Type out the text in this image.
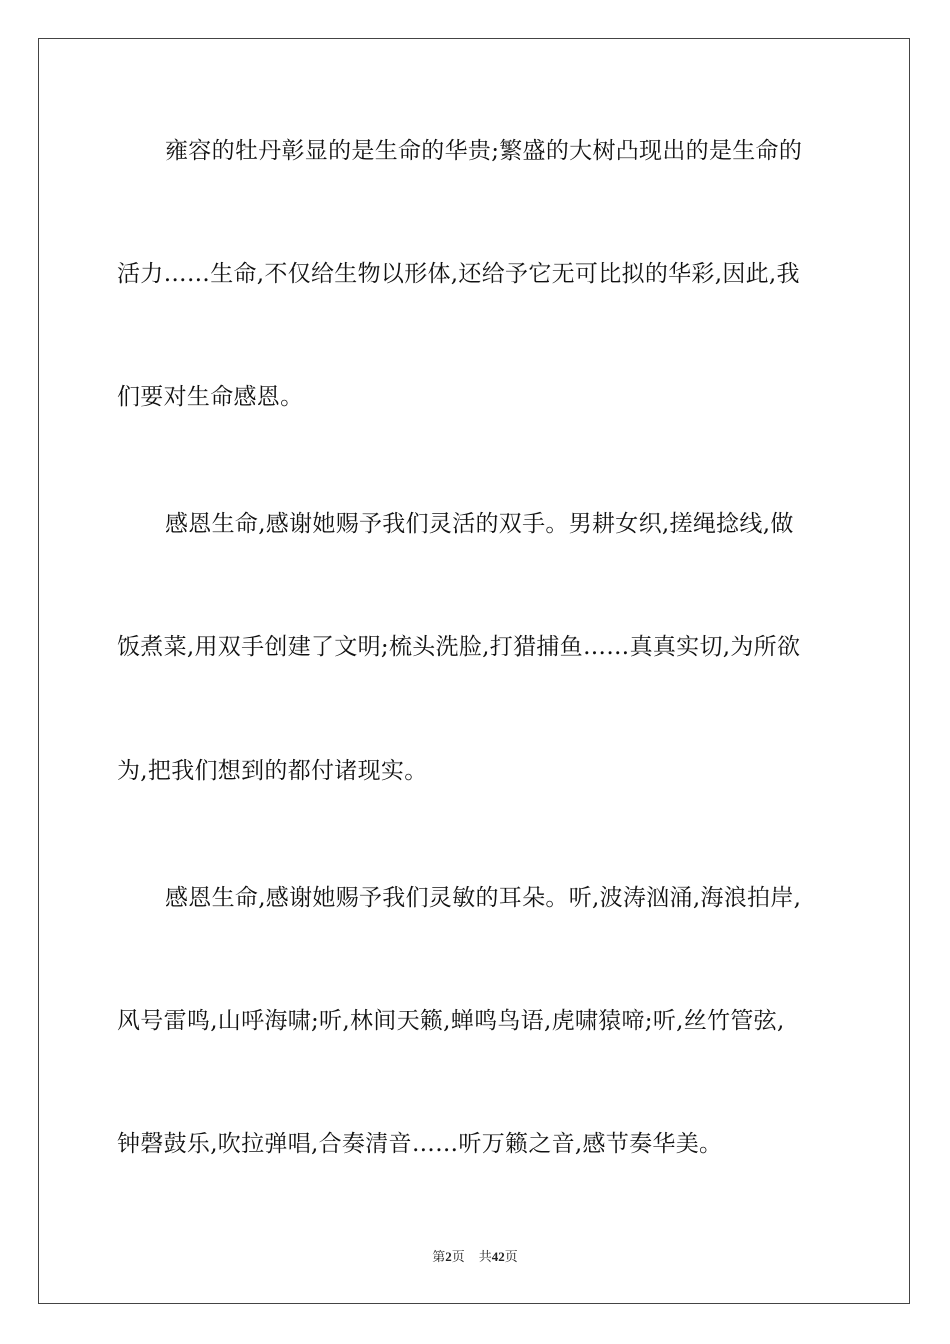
雍容的牡丹彰显的是生命的华贵;繁盛的大树凸现出的是生命的
活力……生命,不仅给生物以形体,还给予它无可比拟的华彩,因此,我
们要对生命感恩。
感恩生命,感谢她赐予我们灵活的双手。男耕女织,搓绳捻线,做
饭煮菜,用双手创建了文明;梳头洗脸,打猎捕鱼……真真实切,为所欲
为,把我们想到的都付诸现实。
感恩生命,感谢她赐予我们灵敏的耳朵。听,波涛汹涌,海浪拍岸,
风号雷鸣,山呼海啸;听,林间天籁,蝉鸣鸟语,虎啸猿啼;听,丝竹管弦,
钟磬鼓乐,吹拉弹唱,合奏清音……听万籁之音,感节奏华美。
第2页 共42页
